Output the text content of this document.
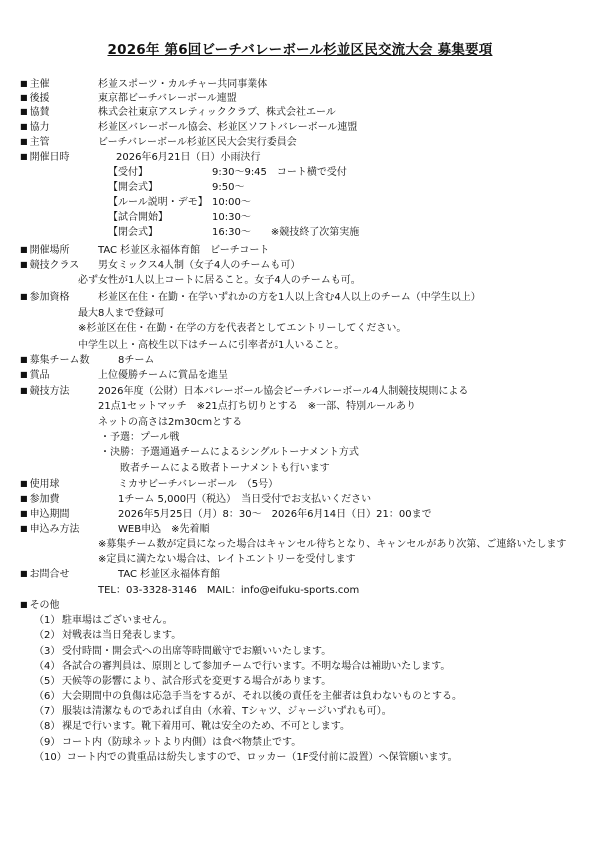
2026年 第6回ビーチバレーボール杉並区民交流大会 募集要項
■ 主催	杉並スポーツ・カルチャー共同事業体
■ 後援	東京都ビーチバレーボール連盟
■ 協賛	株式会社東京アスレティッククラブ、株式会社エール
■ 協力	杉並区バレーボール協会、杉並区ソフトバレーボール連盟
■ 主管	ビーチバレーボール杉並区民大会実行委員会
■ 開催日時	2026年6月21日（日）小雨決行
【受付】	9:30～9:45　コート横で受付
【開会式】	9:50～
【ルール説明・デモ】 10:00～
【試合開始】	10:30～
【閉会式】	16:30～　　※競技終了次第実施
■ 開催場所	TAC 杉並区永福体育館　ビーチコート
■ 競技クラス 男女ミックス4人制（女子4人のチームも可）
必ず女性が1人以上コートに居ること。女子4人のチームも可。
■ 参加資格	杉並区在住・在勤・在学いずれかの方を1人以上含む4人以上のチーム（中学生以上）
最大8人まで登録可
※杉並区在住・在勤・在学の方を代表者としてエントリーしてください。
中学生以上・高校生以下はチームに引率者が1人いること。
■ 募集チーム数	8チーム
■ 賞品	上位優勝チームに賞品を進呈
■ 競技方法	2026年度（公財）日本バレーボール協会ビーチバレーボール4人制競技規則による
21点1セットマッチ　※21点打ち切りとする　※一部、特別ルールあり
ネットの高さは2m30cmとする
・予選：プール戦
・決勝：予選通過チームによるシングルトーナメント方式
　　敗者チームによる敗者トーナメントも行います
■ 使用球	ミカサビーチバレーボール　（5号）
■ 参加費	1チーム 5,000円（税込）　当日受付でお支払いください
■ 申込期間	2026年5月25日（月）8：30～　2026年6月14日（日）21：00まで
■ 申込み方法	WEB申込　※先着順
※募集チーム数が定員になった場合はキャンセル待ちとなり、キャンセルがあり次第、ご連絡いたします
※定員に満たない場合は、レイトエントリーを受付します
■ お問合せ	TAC 杉並区永福体育館
TEL：03-3328-3146　MAIL：info@eifuku-sports.com
■ その他
（1） 駐車場はございません。
（2） 対戦表は当日発表します。
（3） 受付時間・開会式への出席等時間厳守でお願いいたします。
（4） 各試合の審判員は、原則として参加チームで行います。不明な場合は補助いたします。
（5） 天候等の影響により、試合形式を変更する場合があります。
（6） 大会期間中の負傷は応急手当をするが、それ以後の責任を主催者は負わないものとする。
（7） 服装は清潔なものであれば自由（水着、Tシャツ、ジャージいずれも可）。
（8） 裸足で行います。靴下着用可、靴は安全のため、不可とします。
（9） コート内（防球ネットより内側）は食べ物禁止です。
（10）コート内での貴重品は紛失しますので、ロッカー（1F受付前に設置）へ保管願います。
